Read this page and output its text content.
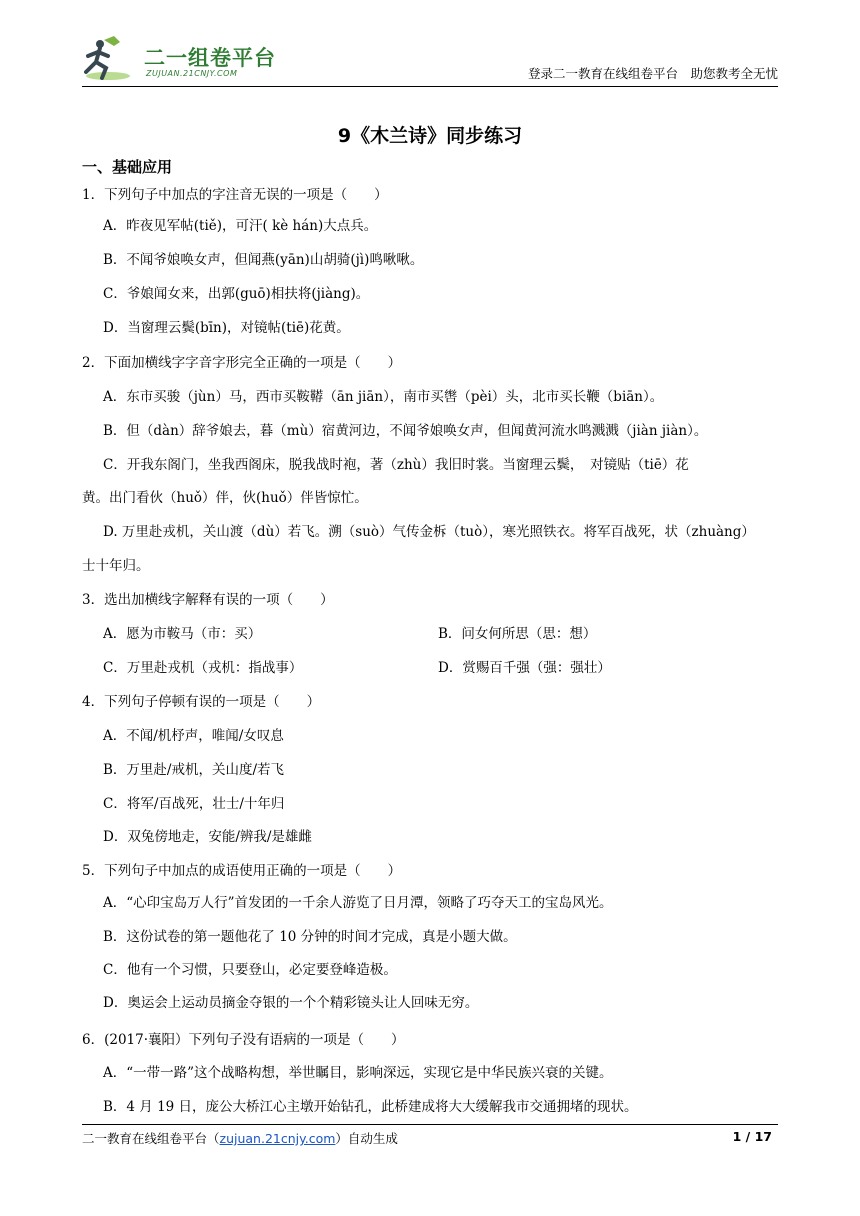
二一组卷平台
ZUJUAN.21CNJY.COM	登录二一教育在线组卷平台　助您教考全无忧
9《木兰诗》同步练习
一、基础应用
1．下列句子中加点的字注音无误的一项是（　　）
A．昨夜见军帖(tiě)，可汗( kè hán)大点兵。
B．不闻爷娘唤女声，但闻燕(yān)山胡骑(jì)鸣啾啾。
C．爷娘闻女来，出郭(guō)相扶将(jiàng)。
D．当窗理云鬓(bīn)，对镜帖(tiē)花黄。
2．下面加横线字字音字形完全正确的一项是（　　）
A．东市买骏（jùn）马，西市买鞍鞯（ān jiān），南市买辔（pèi）头，北市买长鞭（biān）。
B．但（dàn）辞爷娘去，暮（mù）宿黄河边，不闻爷娘唤女声，但闻黄河流水鸣溅溅（jiàn jiàn）。
C．开我东阁门，坐我西阁床，脱我战时袍，著（zhù）我旧时裳。当窗理云鬓，　对镜贴（tiē）花
黄。出门看伙（huǒ）伴，伙(huǒ）伴皆惊忙。
D. 万里赴戎机，关山渡（dù）若飞。溯（suò）气传金柝（tuò），寒光照铁衣。将军百战死，状（zhuàng）
士十年归。
3．选出加横线字解释有误的一项（　　）
A．愿为市鞍马（市：买）	B．问女何所思（思：想）
C．万里赴戎机（戎机：指战事）	D．赏赐百千强（强：强壮）
4．下列句子停顿有误的一项是（　　）
A．不闻/机杼声，唯闻/女叹息
B．万里赴/戒机，关山度/若飞
C．将军/百战死，壮士/十年归
D．双兔傍地走，安能/辨我/是雄雌
5．下列句子中加点的成语使用正确的一项是（　　）
A．“心印宝岛万人行”首发团的一千余人游览了日月潭，领略了巧夺天工的宝岛风光。
B．这份试卷的第一题他花了 10 分钟的时间才完成，真是小题大做。
C．他有一个习惯，只要登山，必定要登峰造极。
D．奥运会上运动员摘金夺银的一个个精彩镜头让人回味无穷。
6．(2017·襄阳）下列句子没有语病的一项是（　　）
A．“一带一路”这个战略构想，举世瞩目，影响深远，实现它是中华民族兴衰的关键。
B．4 月 19 日，庞公大桥江心主墩开始钻孔，此桥建成将大大缓解我市交通拥堵的现状。
二一教育在线组卷平台（zujuan.21cnjy.com）自动生成	1 / 17
